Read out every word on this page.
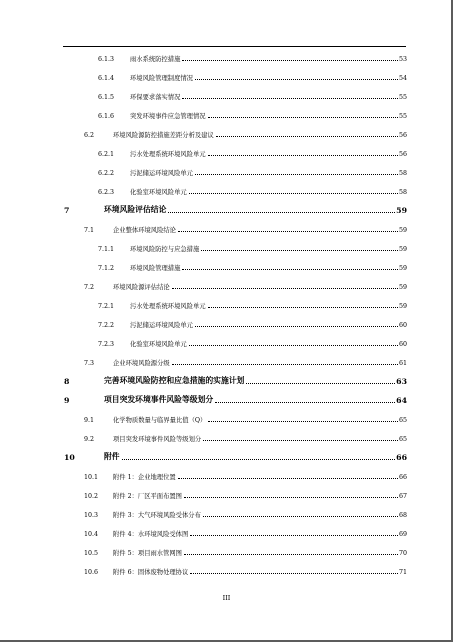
6.1.3	雨水系统防控措施	53
6.1.4	环境风险管理制度情况	54
6.1.5	环保要求落实情况	55
6.1.6	突发环境事件应急管理情况	55
6.2	环境风险源防控措施差距分析及建议	56
6.2.1	污水处理系统环境风险单元	56
6.2.2	污泥储运环境风险单元	58
6.2.3	化验室环境风险单元	58
7	环境风险评估结论	59
7.1	企业整体环境风险结论	59
7.1.1	环境风险防控与应急措施	59
7.1.2	环境风险管理措施	59
7.2	环境风险源评估结论	59
7.2.1	污水处理系统环境风险单元	59
7.2.2	污泥储运环境风险单元	60
7.2.3	化验室环境风险单元	60
7.3	企业环境风险源分级	61
8	完善环境风险防控和应急措施的实施计划	63
9	项目突发环境事件风险等级划分	64
9.1	化学物质数量与临界量比值（Q）	65
9.2	项目突发环境事件风险等级划分	65
10	附件	66
10.1	附件 1：企业地理位置	66
10.2	附件 2：厂区平面布置图	67
10.3	附件 3：大气环境风险受体分布	68
10.4	附件 4：水环境风险受体图	69
10.5	附件 5：项目雨水管网图	70
10.6	附件 6：固体废物处理协议	71
III
